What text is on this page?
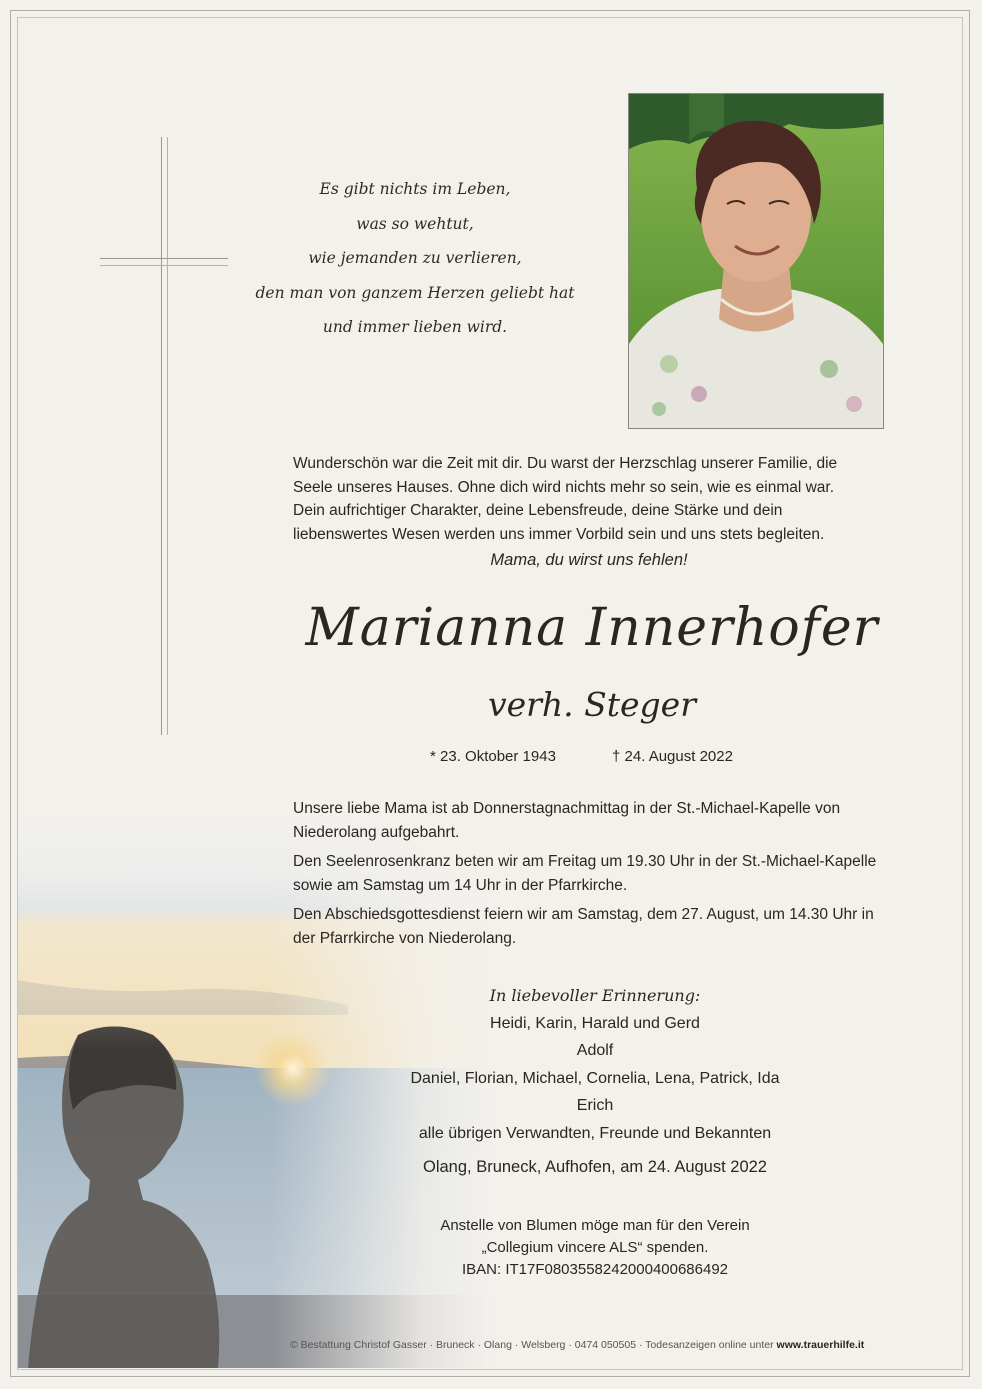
Es gibt nichts im Leben,
was so wehtut,
wie jemanden zu verlieren,
den man von ganzem Herzen geliebt hat
und immer lieben wird.
Wunderschön war die Zeit mit dir. Du warst der Herzschlag unserer Familie, die
Seele unseres Hauses. Ohne dich wird nichts mehr so sein, wie es einmal war.
Dein aufrichtiger Charakter, deine Lebensfreude, deine Stärke und dein
liebenswertes Wesen werden uns immer Vorbild sein und uns stets begleiten.
Mama, du wirst uns fehlen!
Marianna Innerhofer
verh. Steger
* 23. Oktober 1943	† 24. August 2022

Unsere liebe Mama ist ab Donnerstagnachmittag in der St.-Michael-Kapelle von Niederolang aufgebahrt.

Den Seelenrosenkranz beten wir am Freitag um 19.30 Uhr in der St.-Michael-Kapelle sowie am Samstag um 14 Uhr in der Pfarrkirche.

Den Abschiedsgottesdienst feiern wir am Samstag, dem 27. August, um 14.30 Uhr in der Pfarrkirche von Niederolang.

In liebevoller Erinnerung:
Heidi, Karin, Harald und Gerd
Adolf
Daniel, Florian, Michael, Cornelia, Lena, Patrick, Ida
Erich
alle übrigen Verwandten, Freunde und Bekannten
Olang, Bruneck, Aufhofen, am 24. August 2022
Anstelle von Blumen möge man für den Verein
„Collegium vincere ALS“ spenden.
IBAN: IT17F0803558242000400686492
© Bestattung Christof Gasser · Bruneck · Olang · Welsberg · 0474 050505 · Todesanzeigen online unter www.trauerhilfe.it
